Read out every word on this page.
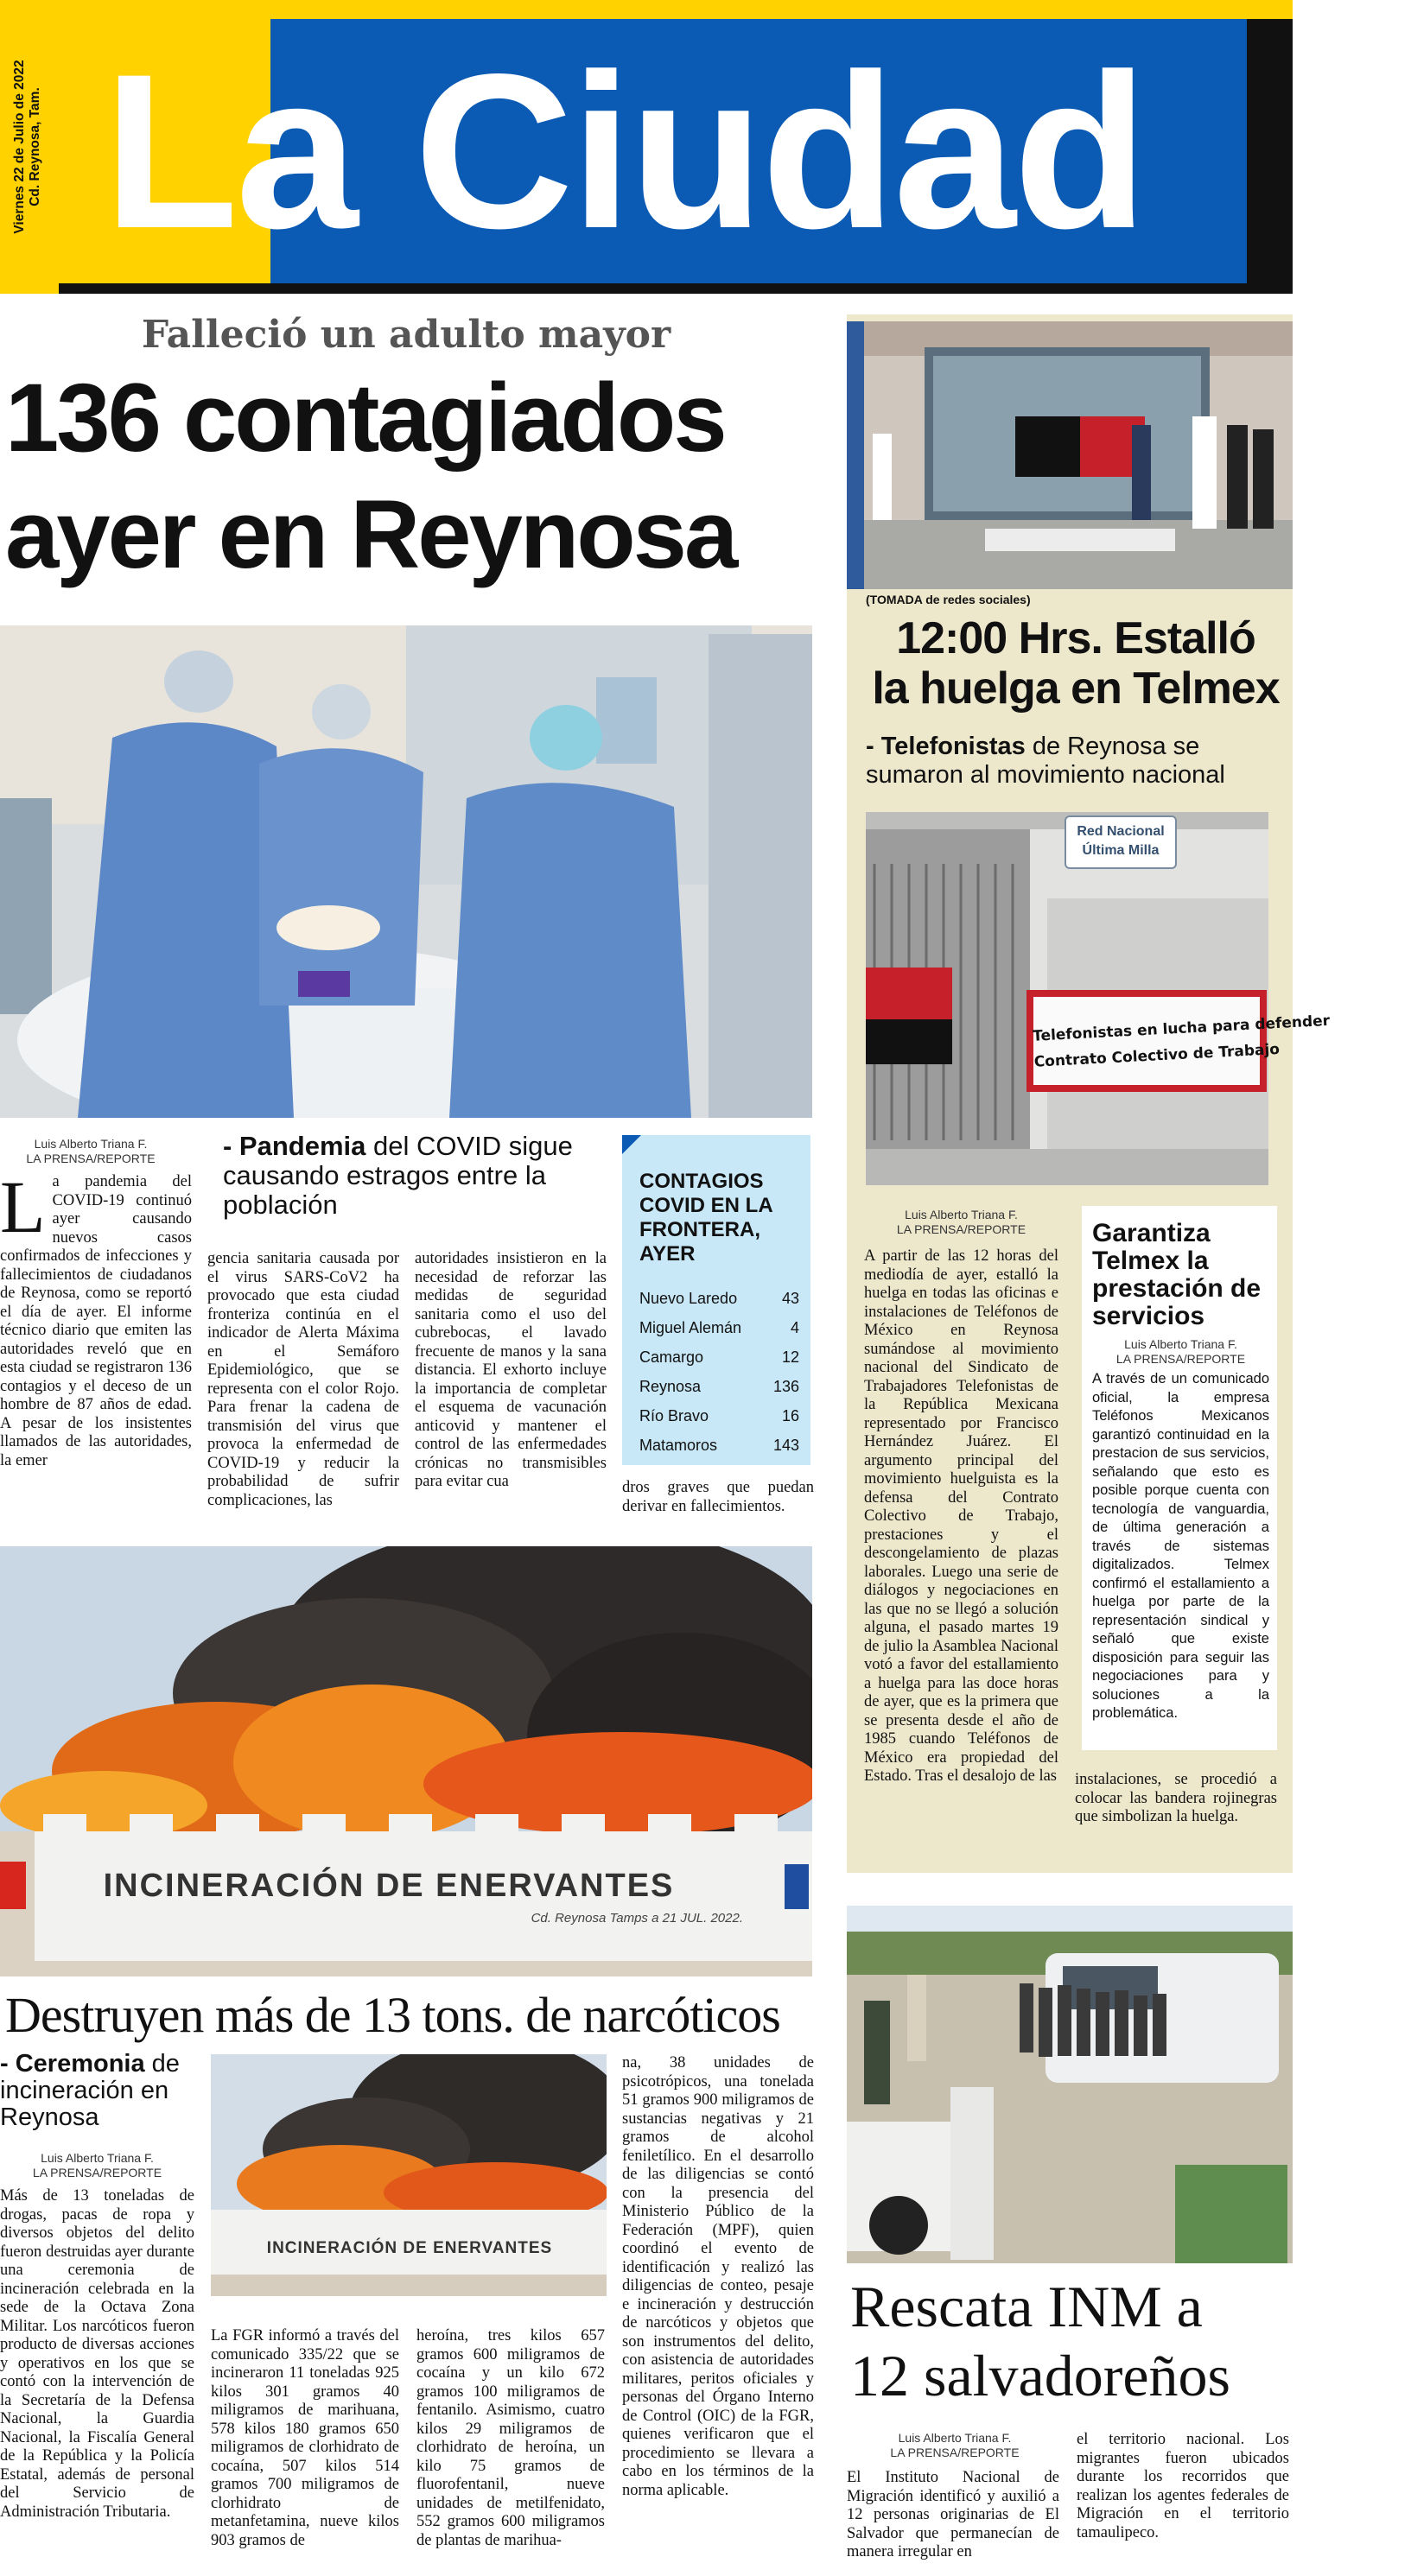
Viernes 22 de Julio de 2022 Cd. Reynosa, Tam. La Ciudad
Falleció un adulto mayor
136 contagiados
ayer en Reynosa
Luis Alberto Triana F.
LA PRENSA/REPORTE	- Pandemia del COVID sigue causando estragos entre la población
La pandemia del COVID-19 continuó ayer causando nuevos casos confirmados de infecciones y fallecimientos de ciudadanos de Reynosa, como se reportó el día de ayer. El informe técnico diario que emiten las autoridades reveló que en esta ciudad se registraron 136 contagios y el deceso de un hombre de 87 años de edad. A pesar de los insistentes llamados de las autoridades, la emer
gencia sanitaria causada por el virus SARS-CoV2 ha provocado que esta ciudad fronteriza continúa en el indicador de Alerta Máxima en el Semáforo Epidemiológico, que se representa con el color Rojo. Para frenar la cadena de transmisión del virus que provoca la enfermedad de COVID-19 y reducir la probabilidad de sufrir complicaciones, las
autoridades insistieron en la necesidad de reforzar las medidas de seguridad sanitaria como el uso del cubrebocas, el lavado frecuente de manos y la sana distancia. El exhorto incluye la importancia de completar el esquema de vacunación anticovid y mantener el control de las enfermedades crónicas no transmisibles para evitar cua	dros graves que puedan derivar en fallecimientos.
CONTAGIOS COVID EN LA FRONTERA, AYER
Nuevo Laredo	43
Miguel Alemán	4
Camargo	12
Reynosa	136
Río Bravo	16
Matamoros	143
(TOMADA de redes sociales)
12:00 Hrs. Estalló
la huelga en Telmex
- Telefonistas de Reynosa se sumaron al movimiento nacional
Red Nacional
Última Milla
Telefonistas en lucha para defender
Contrato Colectivo de Trabajo
Luis Alberto Triana F.
LA PRENSA/REPORTE
A partir de las 12 horas del mediodía de ayer, estalló la huelga en todas las oficinas e instalaciones de Teléfonos de México en Reynosa sumándose al movimiento nacional del Sindicato de Trabajadores Telefonistas de la República Mexicana representado por Francisco Hernández Juárez. El argumento principal del movimiento huelguista es la defensa del Contrato Colectivo de Trabajo, prestaciones y el descongelamiento de plazas laborales. Luego una serie de diálogos y negociaciones en las que no se llegó a solución alguna, el pasado martes 19 de julio la Asamblea Nacional votó a favor del estallamiento a huelga para las doce horas de ayer, que es la primera que se presenta desde el año de 1985 cuando Teléfonos de México era propiedad del Estado. Tras el desalojo de las
Garantiza Telmex la prestación de servicios
Luis Alberto Triana F.
LA PRENSA/REPORTE
A través de un comunicado oficial, la empresa Teléfonos Mexicanos garantizó continuidad en la prestacion de sus servicios, señalando que esto es posible porque cuenta con tecnología de vanguardia, de última generación a través de sistemas digitalizados. Telmex confirmó el estallamiento a huelga por parte de la representación sindical y señaló que existe disposición para seguir las negociaciones para y soluciones a la problemática.
instalaciones, se procedió a colocar las bandera rojinegras que simbolizan la huelga.
INCINERACIÓN DE ENERVANTES
Cd. Reynosa Tamps a 21 JUL. 2022.
Destruyen más de 13 tons. de narcóticos
- Ceremonia de incineración en Reynosa
Luis Alberto Triana F.
LA PRENSA/REPORTE
INCINERACIÓN DE ENERVANTES
Más de 13 toneladas de drogas, pacas de ropa y diversos objetos del delito fueron destruidas ayer durante una ceremonia de incineración celebrada en la sede de la Octava Zona Militar. Los narcóticos fueron producto de diversas acciones y operativos en los que se contó con la intervención de la Secretaría de la Defensa Nacional, la Guardia Nacional, la Fiscalía General de la República y la Policía Estatal, además de personal del Servicio de Administración Tributaria.
La FGR informó a través del comunicado 335/22 que se incineraron 11 toneladas 925 kilos 301 gramos 40 miligramos de marihuana, 578 kilos 180 gramos 650 miligramos de clorhidrato de cocaína, 507 kilos 514 gramos 700 miligramos de clorhidrato de metanfetamina, nueve kilos 903 gramos de
heroína, tres kilos 657 gramos 600 miligramos de cocaína y un kilo 672 gramos 100 miligramos de fentanilo. Asimismo, cuatro kilos 29 miligramos de clorhidrato de heroína, un kilo 75 gramos de fluorofentanil, nueve unidades de metilfenidato, 552 gramos 600 miligramos de plantas de marihua-
na, 38 unidades de psicotrópicos, una tonelada 51 gramos 900 miligramos de sustancias negativas y 21 gramos de alcohol feniletílico. En el desarrollo de las diligencias se contó con la presencia del Ministerio Público de la Federación (MPF), quien coordinó el evento de identificación y realizó las diligencias de conteo, pesaje e incineración y destrucción de narcóticos y objetos que son instrumentos del delito, con asistencia de autoridades militares, peritos oficiales y personas del Órgano Interno de Control (OIC) de la FGR, quienes verificaron que el procedimiento se llevara a cabo en los términos de la norma aplicable.
Rescata INM a
12 salvadoreños
Luis Alberto Triana F.
LA PRENSA/REPORTE
El Instituto Nacional de Migración identificó y auxilió a 12 personas originarias de El Salvador que permanecían de manera irregular en
el territorio nacional. Los migrantes fueron ubicados durante los recorridos que realizan los agentes federales de Migración en el territorio tamaulipeco.
